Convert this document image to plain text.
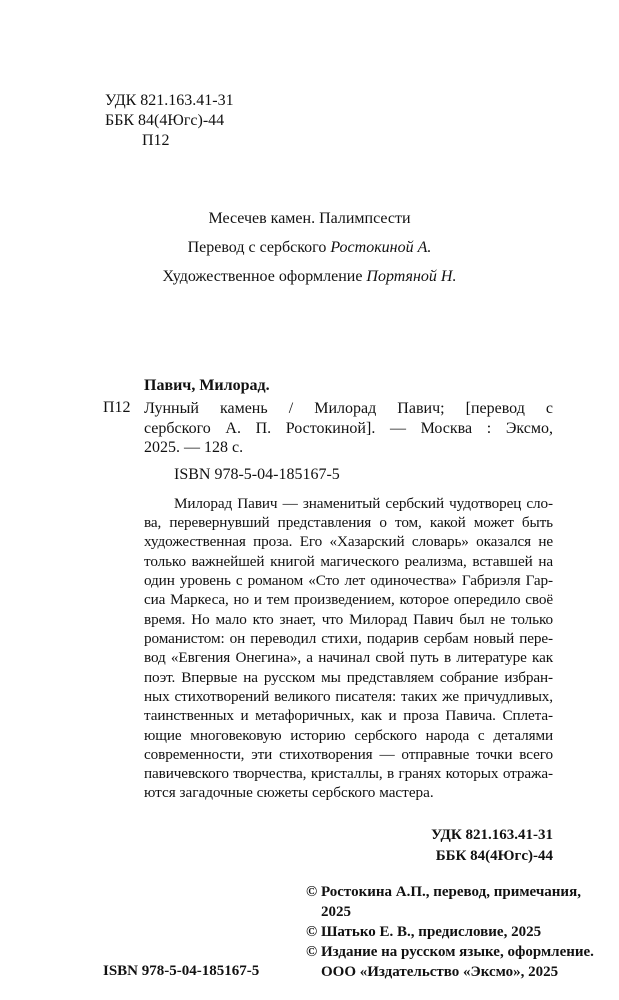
УДК 821.163.41-31
ББК 84(4Югс)-44
П12
Месечев камен. Палимпсести
Перевод с сербского Ростокиной А.
Художественное оформление Портяной Н.
Павич, Милорад.
П12 Лунный камень / Милорад Павич; [перевод с
сербского А. П. Ростокиной]. — Москва : Эксмо,
2025. — 128 с.
ISBN 978-5-04-185167-5
Милорад Павич — знаменитый сербский чудотворец сло-
ва, перевернувший представления о том, какой может быть
художественная проза. Его «Хазарский словарь» оказался не
только важнейшей книгой магического реализма, вставшей на
один уровень с романом «Сто лет одиночества» Габриэля Гар-
сиа Маркеса, но и тем произведением, которое опередило своё
время. Но мало кто знает, что Милорад Павич был не только
романистом: он переводил стихи, подарив сербам новый пере-
вод «Евгения Онегина», а начинал свой путь в литературе как
поэт. Впервые на русском мы представляем собрание избран-
ных стихотворений великого писателя: таких же причудливых,
таинственных и метафоричных, как и проза Павича. Сплета-
ющие многовековую историю сербского народа с деталями
современности, эти стихотворения — отправные точки всего
павичевского творчества, кристаллы, в гранях которых отража-
ются загадочные сюжеты сербского мастера.
УДК 821.163.41-31
ББК 84(4Югс)-44
© Ростокина А.П., перевод, примечания,
2025
© Шатько Е. В., предисловие, 2025
© Издание на русском языке, оформление.
ООО «Издательство «Эксмо», 2025
ISBN 978-5-04-185167-5
